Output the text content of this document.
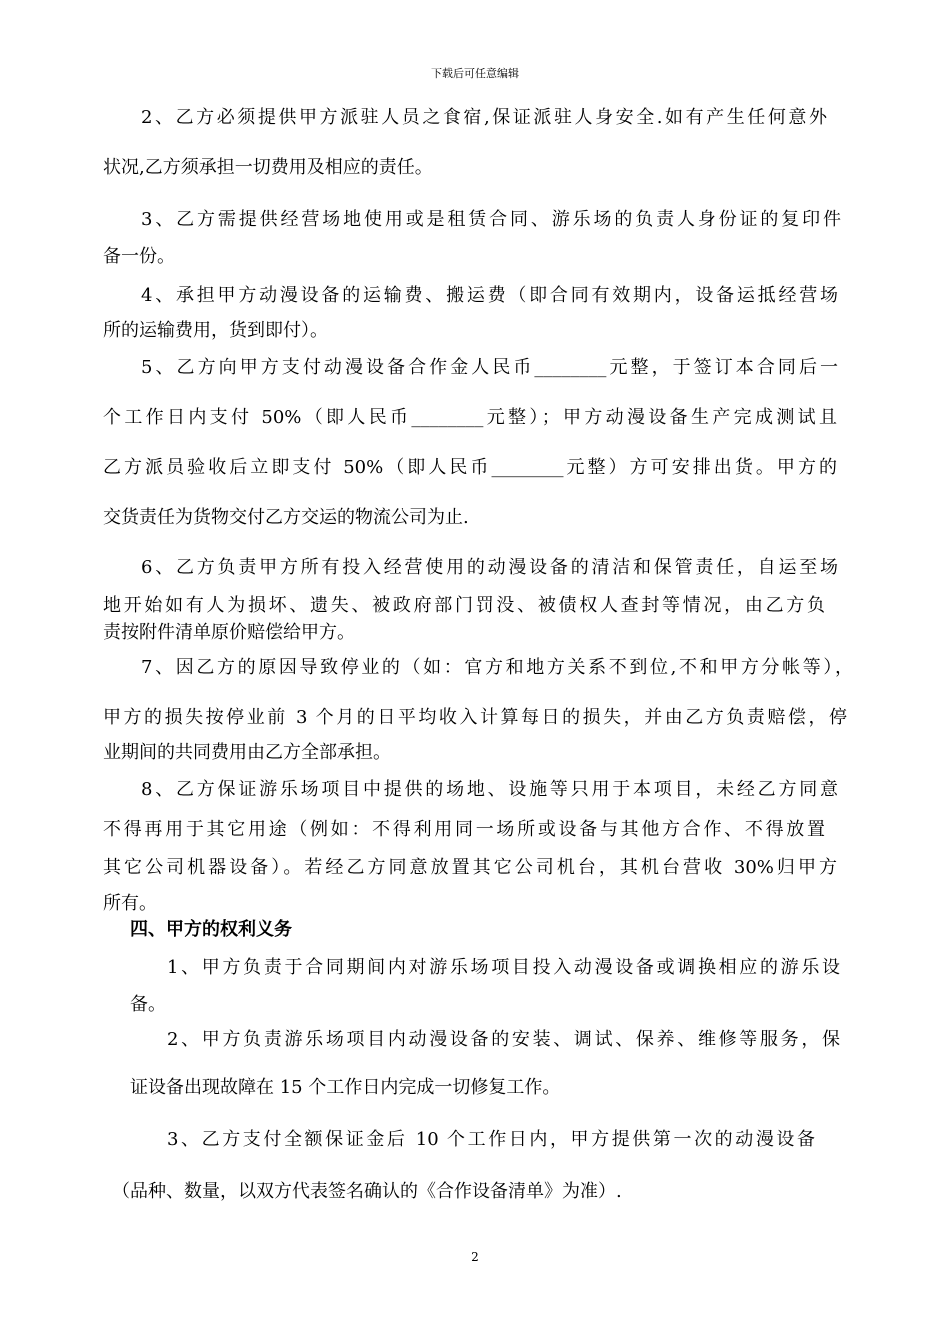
下载后可任意编辑
2、乙方必须提供甲方派驻人员之食宿,保证派驻人身安全.如有产生任何意外
状况,乙方须承担一切费用及相应的责任。
3、乙方需提供经营场地使用或是租赁合同、游乐场的负责人身份证的复印件
备一份。
4、承担甲方动漫设备的运输费、搬运费（即合同有效期内，设备运抵经营场
所的运输费用，货到即付）。
5、乙方向甲方支付动漫设备合作金人民币________元整，于签订本合同后一
个工作日内支付 50%（即人民币________元整）；甲方动漫设备生产完成测试且
乙方派员验收后立即支付 50%（即人民币________元整）方可安排出货。甲方的
交货责任为货物交付乙方交运的物流公司为止.
6、乙方负责甲方所有投入经营使用的动漫设备的清洁和保管责任，自运至场
地开始如有人为损坏、遗失、被政府部门罚没、被债权人查封等情况，由乙方负
责按附件清单原价赔偿给甲方。
7、因乙方的原因导致停业的（如：官方和地方关系不到位,不和甲方分帐等），
甲方的损失按停业前 3 个月的日平均收入计算每日的损失，并由乙方负责赔偿，停
业期间的共同费用由乙方全部承担。
8、乙方保证游乐场项目中提供的场地、设施等只用于本项目，未经乙方同意
不得再用于其它用途（例如：不得利用同一场所或设备与其他方合作、不得放置
其它公司机器设备）。若经乙方同意放置其它公司机台，其机台营收 30%归甲方
所有。
四、甲方的权利义务
1、甲方负责于合同期间内对游乐场项目投入动漫设备或调换相应的游乐设
备。
2、甲方负责游乐场项目内动漫设备的安装、调试、保养、维修等服务，保
证设备出现故障在 15 个工作日内完成一切修复工作。
3、乙方支付全额保证金后 10 个工作日内，甲方提供第一次的动漫设备
（品种、数量，以双方代表签名确认的《合作设备清单》为准）.
2
